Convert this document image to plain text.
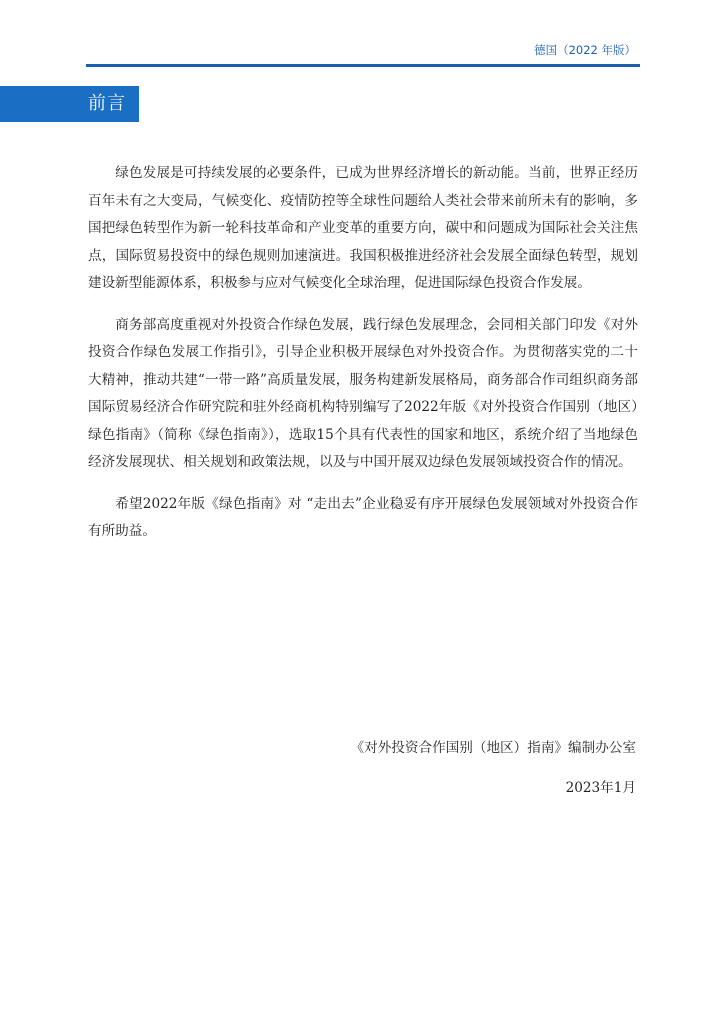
德国（2022 年版）
前言

绿色发展是可持续发展的必要条件，已成为世界经济增长的新动能。当前，世界正经历百年未有之大变局，气候变化、疫情防控等全球性问题给人类社会带来前所未有的影响，多国把绿色转型作为新一轮科技革命和产业变革的重要方向，碳中和问题成为国际社会关注焦点，国际贸易投资中的绿色规则加速演进。我国积极推进经济社会发展全面绿色转型，规划建设新型能源体系，积极参与应对气候变化全球治理，促进国际绿色投资合作发展。

商务部高度重视对外投资合作绿色发展，践行绿色发展理念，会同相关部门印发《对外投资合作绿色发展工作指引》，引导企业积极开展绿色对外投资合作。为贯彻落实党的二十大精神，推动共建“一带一路”高质量发展，服务构建新发展格局，商务部合作司组织商务部国际贸易经济合作研究院和驻外经商机构特别编写了2022年版《对外投资合作国别（地区）绿色指南》（简称《绿色指南》），选取15个具有代表性的国家和地区，系统介绍了当地绿色经济发展现状、相关规划和政策法规，以及与中国开展双边绿色发展领域投资合作的情况。

希望2022年版《绿色指南》对 “走出去”企业稳妥有序开展绿色发展领域对外投资合作有所助益。

《对外投资合作国别（地区）指南》编制办公室
2023年1月
